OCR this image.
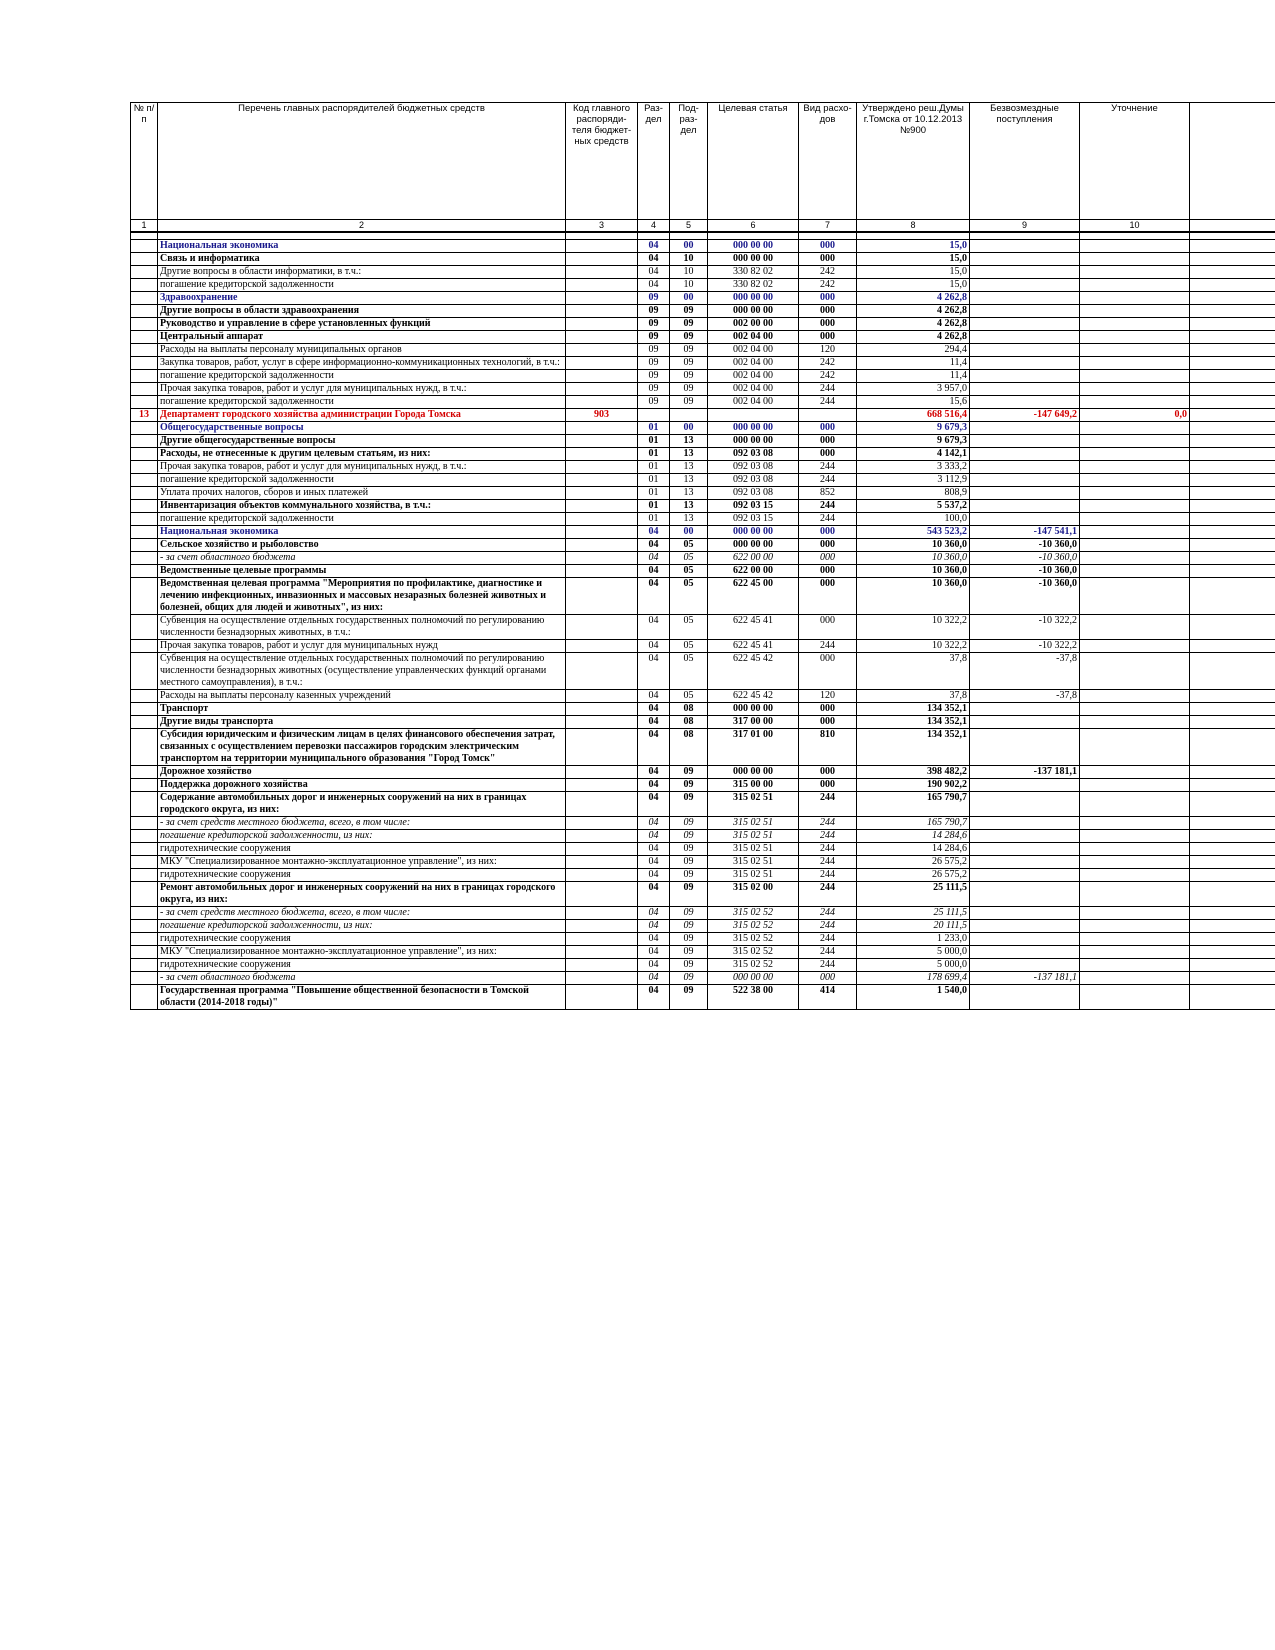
№ п/п	Перечень главных распорядителей бюджетных средств	Код главного распоряди-теля бюджет-ных средств	Раз-дел	Под-раз-дел	Целевая статья	Вид расхо-дов	Утверждено реш.Думы г.Томска от 10.12.2013 №900	Безвозмездные поступления	Уточнение	
1	2	3	4	5	6	7	8	9	10	

	Национальная экономика		04	00	000 00 00	000	15,0			
	Связь и информатика		04	10	000 00 00	000	15,0			
	Другие вопросы в области информатики, в т.ч.:		04	10	330 82 02	242	15,0			
	погашение кредиторской задолженности		04	10	330 82 02	242	15,0			
	Здравоохранение		09	00	000 00 00	000	4 262,8			
	Другие вопросы в области здравоохранения		09	09	000 00 00	000	4 262,8			
	Руководство и управление в сфере установленных функций		09	09	002 00 00	000	4 262,8			
	Центральный аппарат		09	09	002 04 00	000	4 262,8			
	Расходы на выплаты персоналу муниципальных органов		09	09	002 04 00	120	294,4			
	Закупка товаров, работ, услуг в сфере информационно-коммуникационных технологий, в т.ч.:		09	09	002 04 00	242	11,4			
	погашение кредиторской задолженности		09	09	002 04 00	242	11,4			
	Прочая закупка товаров, работ и услуг для муниципальных нужд, в т.ч.:		09	09	002 04 00	244	3 957,0			
	погашение кредиторской задолженности		09	09	002 04 00	244	15,6			
13	Департамент городского хозяйства администрации Города Томска	903					668 516,4	-147 649,2	0,0	
	Общегосударственные вопросы		01	00	000 00 00	000	9 679,3			
	Другие общегосударственные вопросы		01	13	000 00 00	000	9 679,3			
	Расходы, не отнесенные к другим целевым статьям, из них:		01	13	092 03 08	000	4 142,1			
	Прочая закупка товаров, работ и услуг для муниципальных нужд, в т.ч.:		01	13	092 03 08	244	3 333,2			
	погашение кредиторской задолженности		01	13	092 03 08	244	3 112,9			
	Уплата прочих налогов, сборов и иных платежей		01	13	092 03 08	852	808,9			
	Инвентаризация объектов коммунального хозяйства, в т.ч.:		01	13	092 03 15	244	5 537,2			
	погашение кредиторской задолженности		01	13	092 03 15	244	100,0			
	Национальная экономика		04	00	000 00 00	000	543 523,2	-147 541,1		
	Сельское хозяйство и рыболовство		04	05	000 00 00	000	10 360,0	-10 360,0		
	- за счет областного бюджета		04	05	622 00 00	000	10 360,0	-10 360,0		
	Ведомственные целевые программы		04	05	622 00 00	000	10 360,0	-10 360,0		
	Ведомственная целевая программа "Мероприятия по профилактике, диагностике и лечению инфекционных, инвазионных и массовых незаразных болезней животных и болезней, общих для людей и животных", из них:		04	05	622 45 00	000	10 360,0	-10 360,0		
	Субвенция на осуществление отдельных государственных полномочий по регулированию численности безнадзорных животных, в т.ч.:		04	05	622 45 41	000	10 322,2	-10 322,2		
	Прочая закупка товаров, работ и услуг для муниципальных нужд		04	05	622 45 41	244	10 322,2	-10 322,2		
	Субвенция на осуществление отдельных государственных полномочий по регулированию численности безнадзорных животных (осуществление управленческих функций органами местного самоуправления), в т.ч.:		04	05	622 45 42	000	37,8	-37,8		
	Расходы на выплаты персоналу казенных учреждений		04	05	622 45 42	120	37,8	-37,8		
	Транспорт		04	08	000 00 00	000	134 352,1			
	Другие виды транспорта		04	08	317 00 00	000	134 352,1			
	Субсидия юридическим и физическим лицам в целях финансового обеспечения затрат, связанных с осуществлением перевозки пассажиров городским электрическим транспортом на территории муниципального образования "Город Томск"		04	08	317 01 00	810	134 352,1			
	Дорожное хозяйство		04	09	000 00 00	000	398 482,2	-137 181,1		
	Поддержка дорожного хозяйства		04	09	315 00 00	000	190 902,2			
	Содержание автомобильных дорог и инженерных сооружений на них в границах городского округа, из них:		04	09	315 02 51	244	165 790,7			
	- за счет средств местного бюджета, всего, в том числе:		04	09	315 02 51	244	165 790,7			
	погашение кредиторской задолженности, из них:		04	09	315 02 51	244	14 284,6			
	гидротехнические сооружения		04	09	315 02 51	244	14 284,6			
	МКУ "Специализированное монтажно-эксплуатационное управление", из них:		04	09	315 02 51	244	26 575,2			
	гидротехнические сооружения		04	09	315 02 51	244	26 575,2			
	Ремонт автомобильных дорог и инженерных сооружений на них в границах городского округа, из них:		04	09	315 02 00	244	25 111,5			
	- за счет средств местного бюджета, всего, в том числе:		04	09	315 02 52	244	25 111,5			
	погашение кредиторской задолженности, из них:		04	09	315 02 52	244	20 111,5			
	гидротехнические сооружения		04	09	315 02 52	244	1 233,0			
	МКУ "Специализированное монтажно-эксплуатационное управление", из них:		04	09	315 02 52	244	5 000,0			
	гидротехнические сооружения		04	09	315 02 52	244	5 000,0			
	- за счет областного бюджета		04	09	000 00 00	000	178 699,4	-137 181,1		
	Государственная программа "Повышение общественной безопасности в Томской области (2014-2018 годы)"		04	09	522 38 00	414	1 540,0			
